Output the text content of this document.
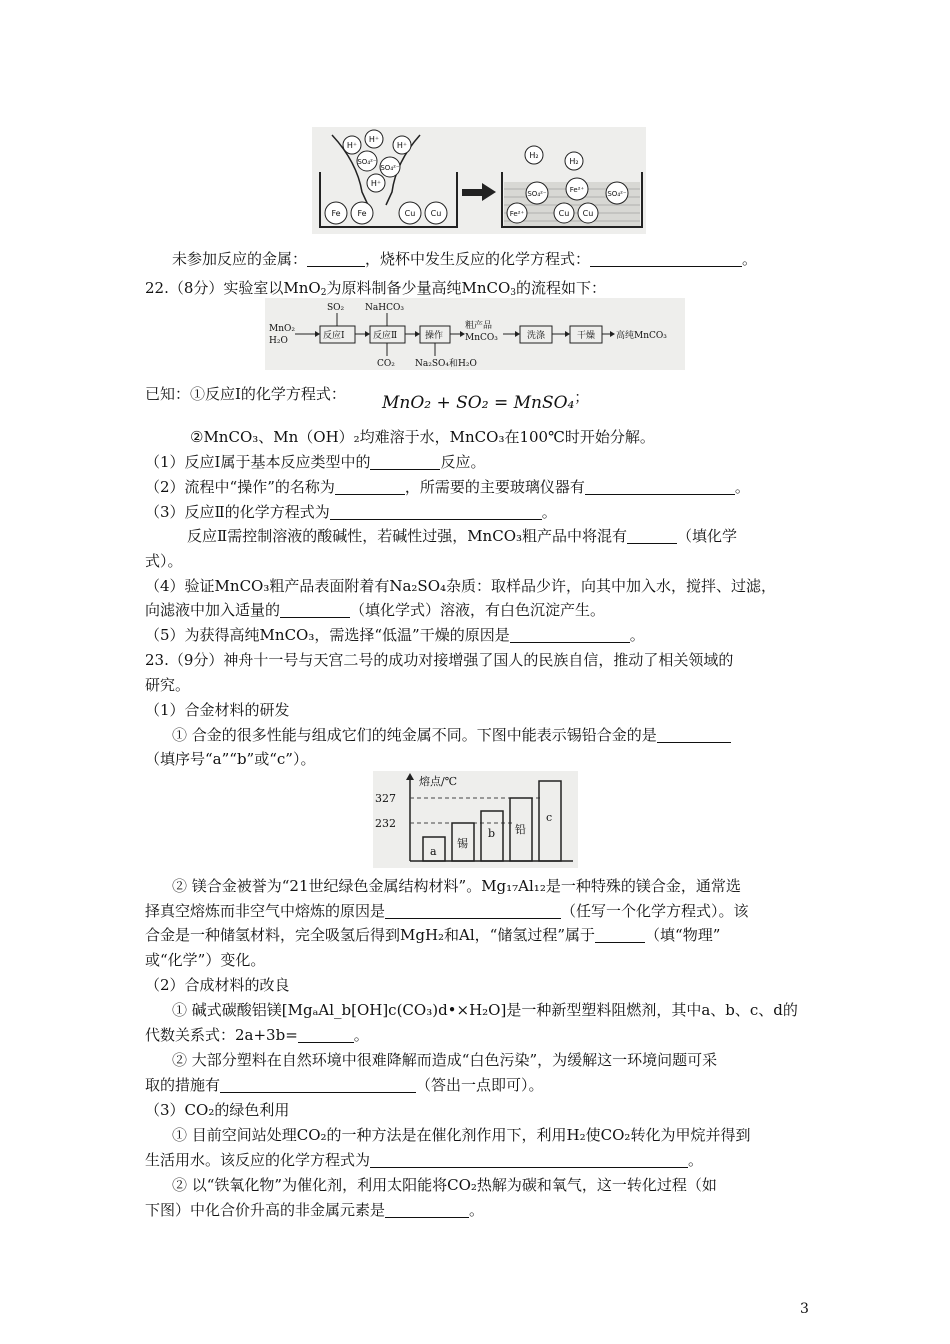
H⁺
H⁺
SO₄²⁻
SO₄²⁻
H⁺
H⁺
Fe Fe	Cu Cu
H₂
H₂
SO₄²⁻	Fe²⁺	SO₄²⁻
Fe²⁺	Cu Cu
未参加反应的金属：	，烧杯中发生反应的化学方程式：	。
22.（8分）实验室以MnO$_2$为原料制备少量高纯MnCO$_3$的流程如下：
MnO₂
H₂O	反应Ⅰ
SO₂
反应Ⅱ
NaHCO₃
CO₂
操作
Na₂SO₄和H₂O
粗产品
MnCO₃	洗涤	干燥 高纯MnCO₃
已知：①反应Ⅰ的化学方程式： MnO₂ + SO₂ = MnSO₄；
②MnCO₃、Mn（OH）₂均难溶于水，MnCO₃在100℃时开始分解。
（1）反应Ⅰ属于基本反应类型中的	反应。
（2）流程中“操作”的名称为	，所需要的主要玻璃仪器有	。
（3）反应Ⅱ的化学方程式为	。
反应Ⅱ需控制溶液的酸碱性，若碱性过强，MnCO₃粗产品中将混有	（填化学
式）。
（4）验证MnCO₃粗产品表面附着有Na₂SO₄杂质：取样品少许，向其中加入水，搅拌、过滤，
向滤液中加入适量的	（填化学式）溶液，有白色沉淀产生。
（5）为获得高纯MnCO₃，需选择“低温”干燥的原因是	。
23.（9分）神舟十一号与天宫二号的成功对接增强了国人的民族自信，推动了相关领域的
研究。
（1）合金材料的研发
① 合金的很多性能与组成它们的纯金属不同。下图中能表示锡铅合金的是
（填序号“a”“b”或“c”）。
熔点/℃
327
232
a
锡
b 铅
c
② 镁合金被誉为“21世纪绿色金属结构材料”。Mg₁₇Al₁₂是一种特殊的镁合金，通常选
择真空熔炼而非空气中熔炼的原因是	（任写一个化学方程式）。该
合金是一种储氢材料，完全吸氢后得到MgH₂和Al，“储氢过程”属于	（填“物理”
或“化学”）变化。
（2）合成材料的改良
① 碱式碳酸铝镁[MgₐAl_b[OH]c(CO₃)d•×H₂O]是一种新型塑料阻燃剂，其中a、b、c、d的
代数关系式：2a+3b=	。
② 大部分塑料在自然环境中很难降解而造成“白色污染”，为缓解这一环境问题可采
取的措施有	（答出一点即可）。
（3）CO₂的绿色利用
① 目前空间站处理CO₂的一种方法是在催化剂作用下，利用H₂使CO₂转化为甲烷并得到
生活用水。该反应的化学方程式为	。
② 以“铁氧化物”为催化剂，利用太阳能将CO₂热解为碳和氧气，这一转化过程（如
下图）中化合价升高的非金属元素是	。
3
